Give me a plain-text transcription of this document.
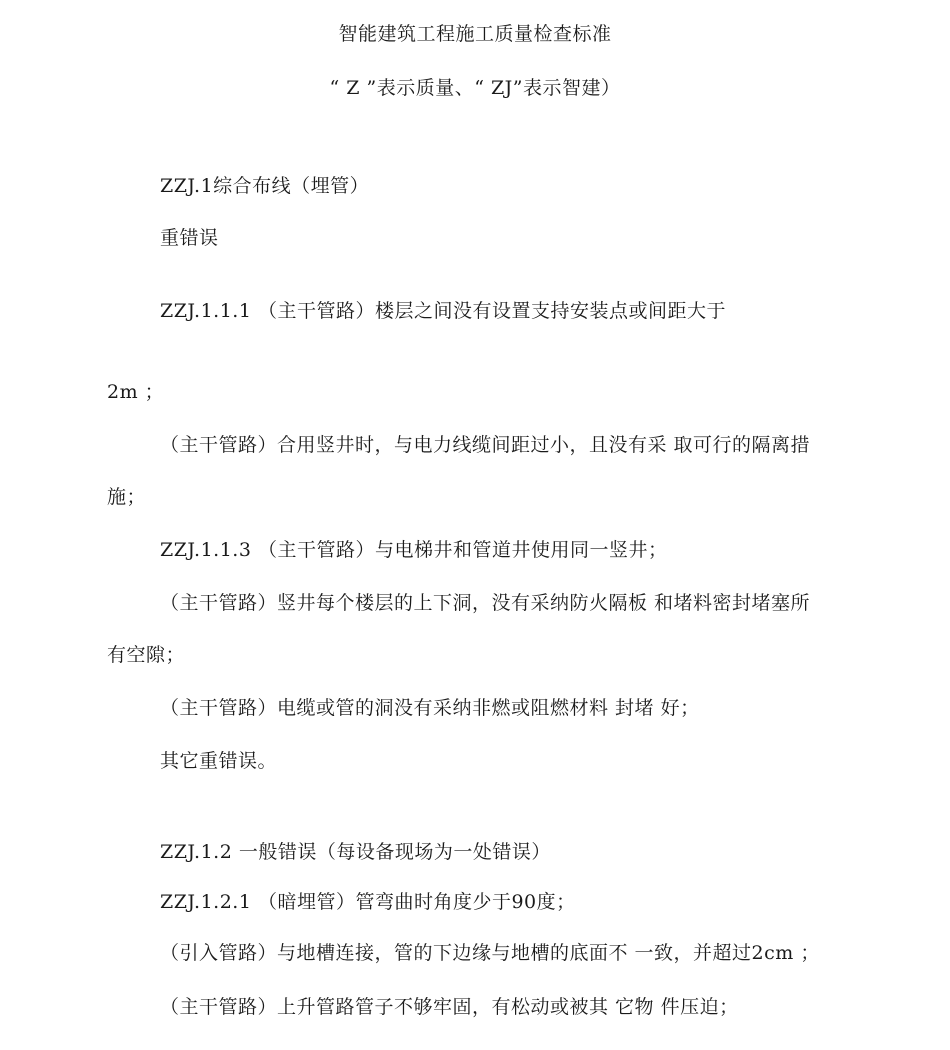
智能建筑工程施工质量检查标准
“ Z ”表示质量、“ ZJ”表示智建）
ZZJ.1综合布线（埋管）
重错误
ZZJ.1.1.1 （主干管路）楼层之间没有设置支持安装点或间距大于
2m ；
（主干管路）合用竖井时，与电力线缆间距过小，且没有采 取可行的隔离措
施；
ZZJ.1.1.3 （主干管路）与电梯井和管道井使用同一竖井；
（主干管路）竖井每个楼层的上下洞，没有采纳防火隔板 和堵料密封堵塞所
有空隙；
（主干管路）电缆或管的洞没有采纳非燃或阻燃材料 封堵 好；
其它重错误。
ZZJ.1.2 一般错误（每设备现场为一处错误）
ZZJ.1.2.1 （暗埋管）管弯曲时角度少于90度；
（引入管路）与地槽连接，管的下边缘与地槽的底面不 一致，并超过2cm ；
（主干管路）上升管路管子不够牢固，有松动或被其 它物 件压迫；
